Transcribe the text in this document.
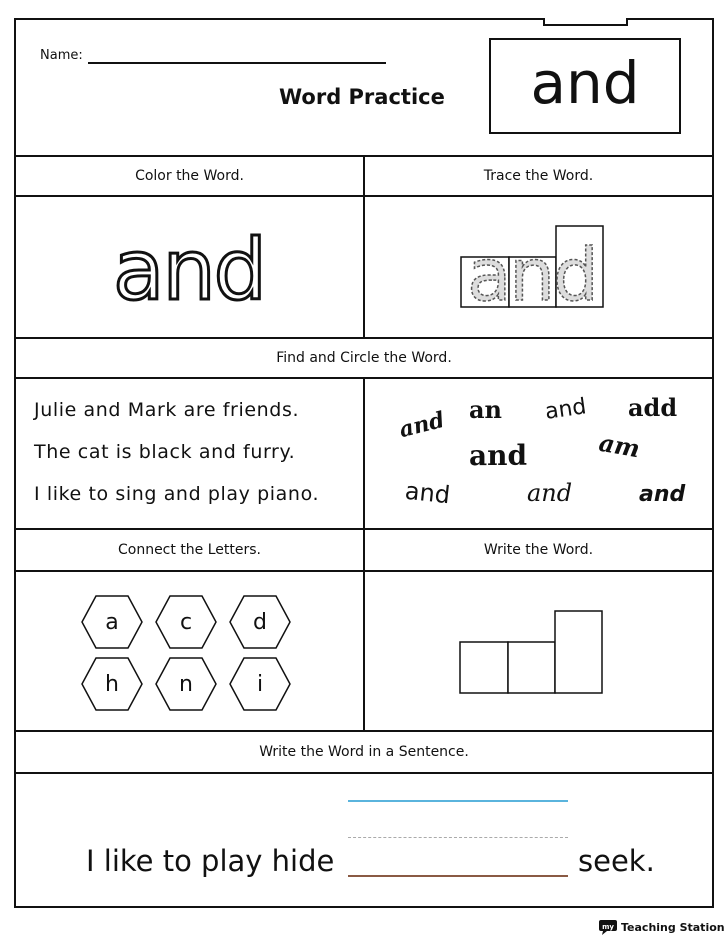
Name:
Word Practice and
Color the Word.	Trace the Word.
and	and
Find and Circle the Word.
Julie and Mark are friends.
The cat is black and furry.
I like to sing and play piano.
and an and add
am
and
and	and	and
Connect the Letters.	Write the Word.
a	c	d
h	n	i
Write the Word in a Sentence.
I like to play hide	seek.
my Teaching Station
